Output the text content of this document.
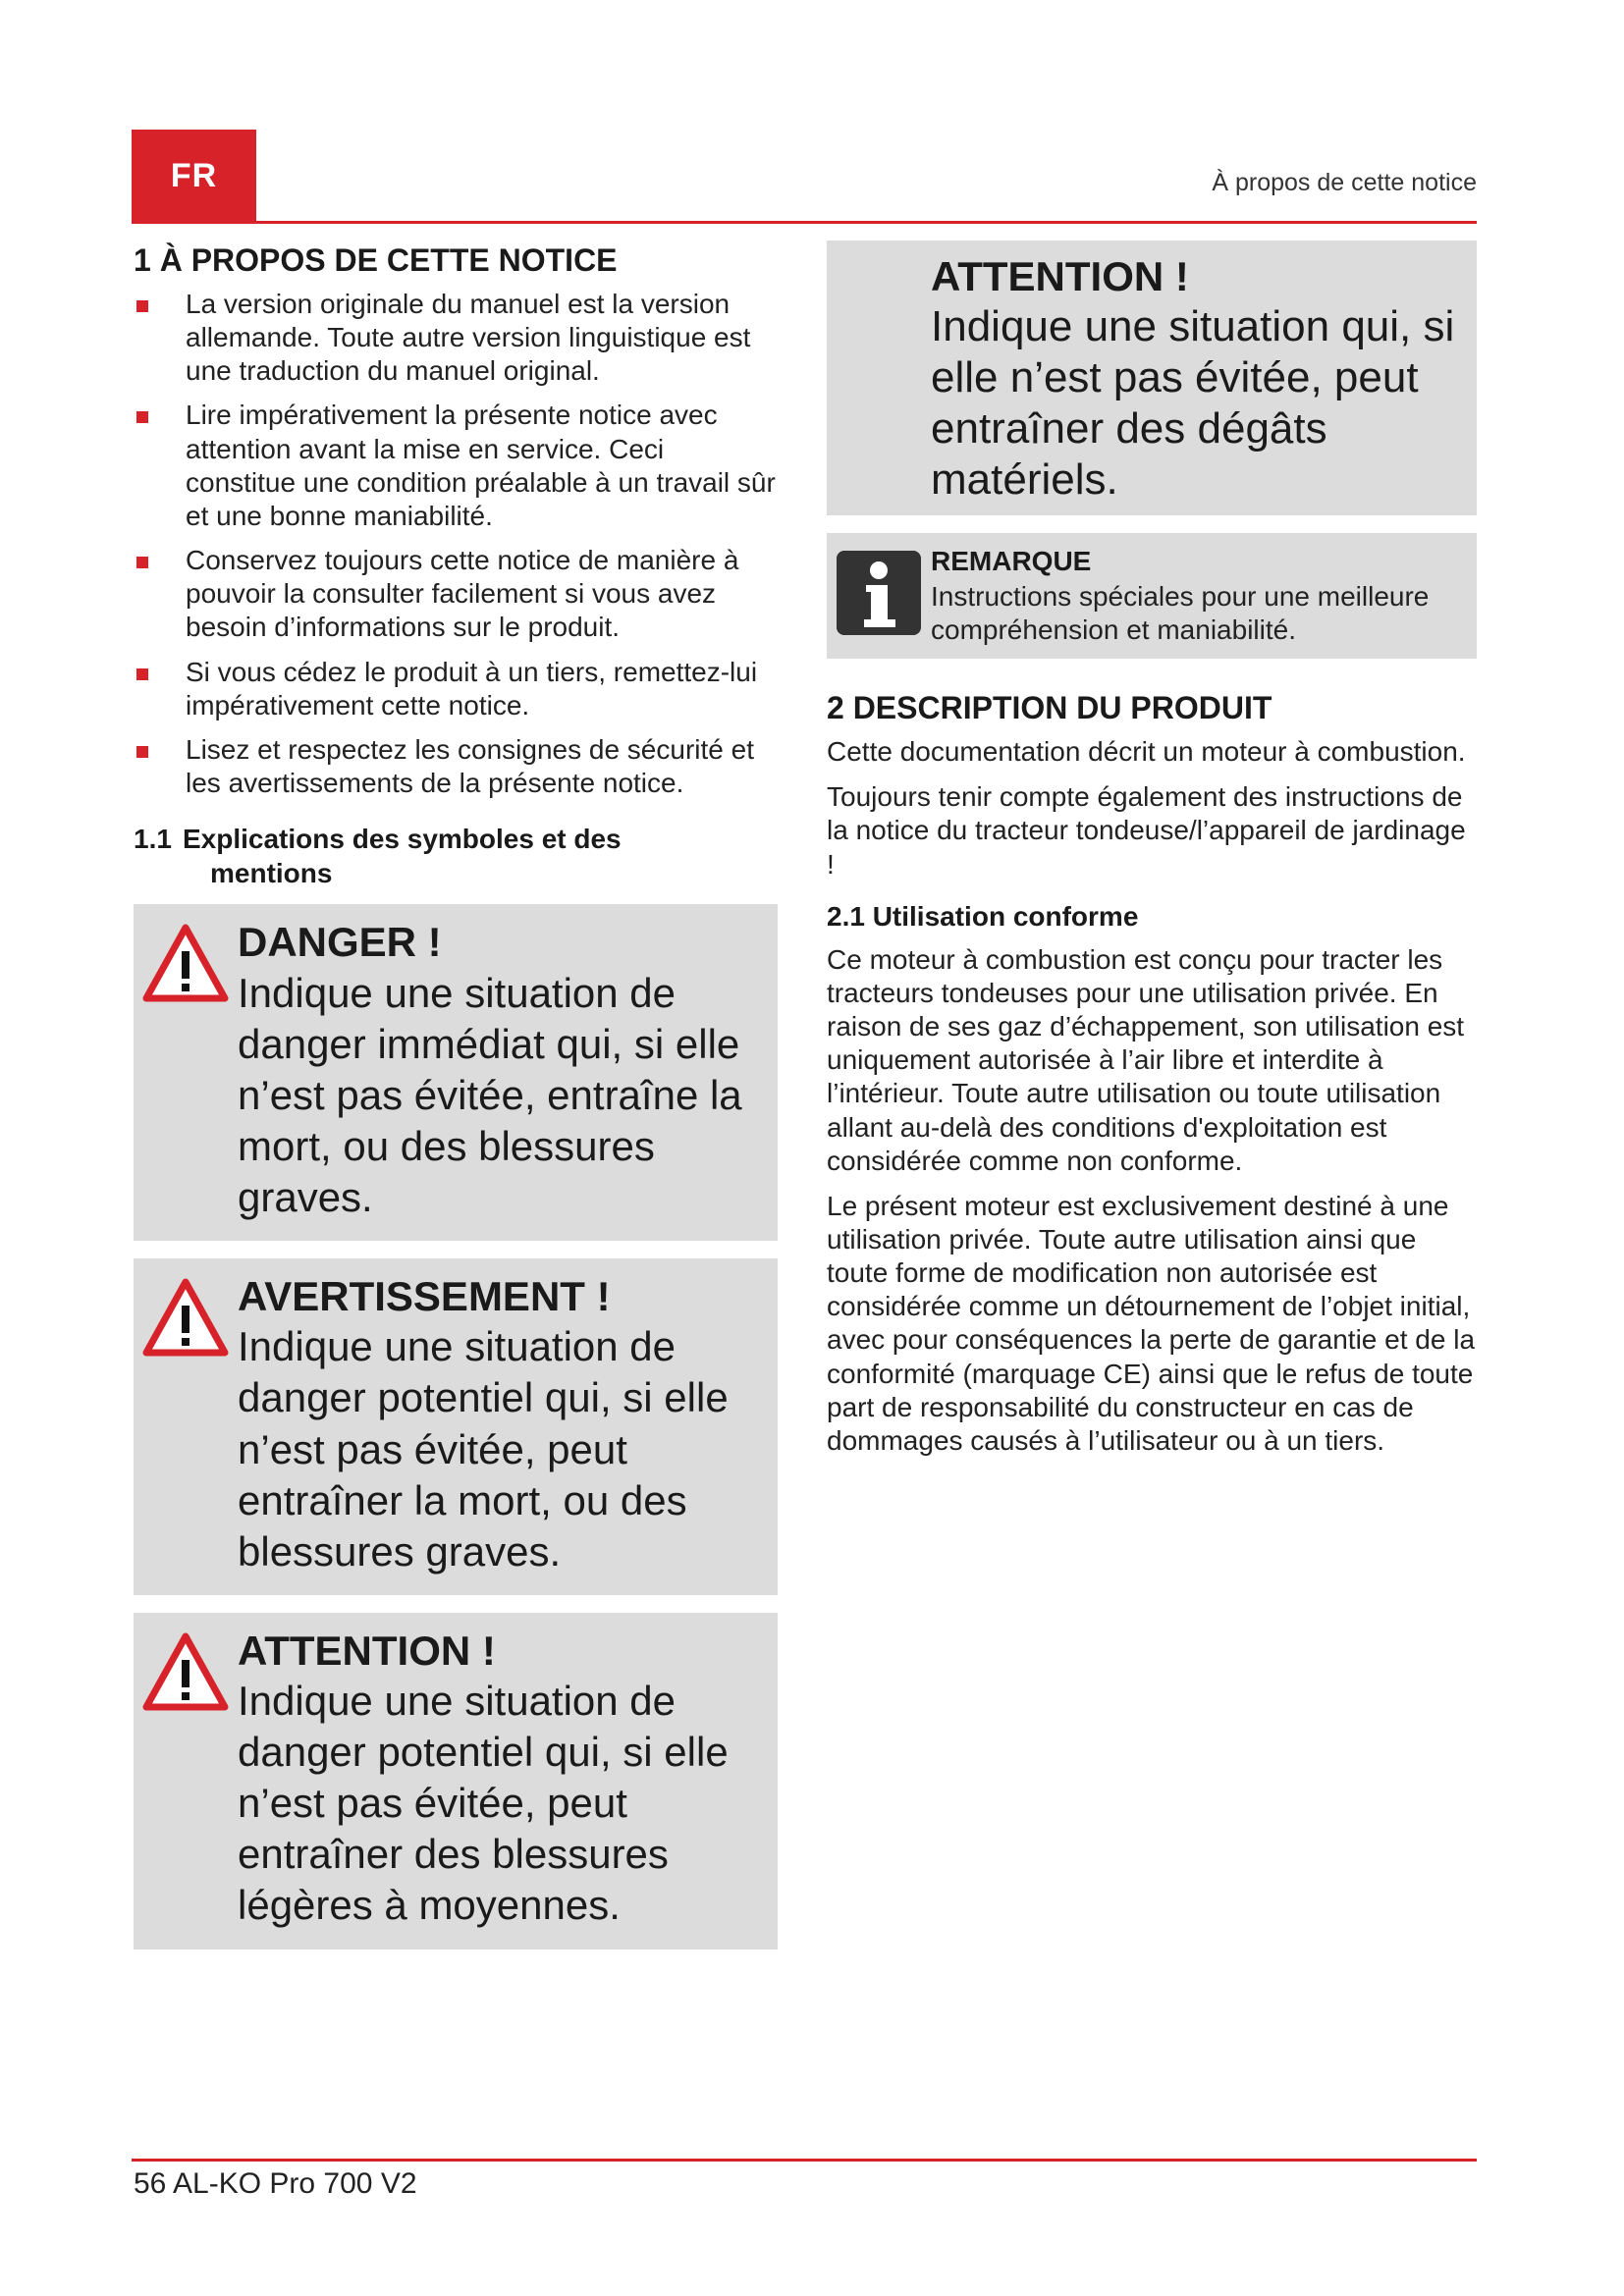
FR	À propos de cette notice
1 À PROPOS DE CETTE NOTICE
La version originale du manuel est la version allemande. Toute autre version linguistique est une traduction du manuel original.
Lire impérativement la présente notice avec attention avant la mise en service. Ceci constitue une condition préalable à un travail sûr et une bonne maniabilité.
Conservez toujours cette notice de manière à pouvoir la consulter facilement si vous avez besoin d’informations sur le produit.
Si vous cédez le produit à un tiers, remettez-lui impérativement cette notice.
Lisez et respectez les consignes de sécurité et les avertissements de la présente notice.
1.1 Explications des symboles et des
mentions

DANGER !

Indique une situation de danger immédiat qui, si elle n’est pas évitée, entraîne la mort, ou des blessures graves.

AVERTISSEMENT !

Indique une situation de danger potentiel qui, si elle n’est pas évitée, peut entraîner la mort, ou des blessures graves.

ATTENTION !

Indique une situation de danger potentiel qui, si elle n’est pas évitée, peut entraîner des blessures légères à moyennes.

ATTENTION !

Indique une situation qui, si elle n’est pas évitée, peut entraîner des dégâts matériels.

REMARQUE

Instructions spéciales pour une meilleure compréhension et maniabilité.

2 DESCRIPTION DU PRODUIT

Cette documentation décrit un moteur à combustion.

Toujours tenir compte également des instructions de la notice du tracteur tondeuse/l’appareil de jardinage !

2.1 Utilisation conforme

Ce moteur à combustion est conçu pour tracter les tracteurs tondeuses pour une utilisation privée. En raison de ses gaz d’échappement, son utilisation est uniquement autorisée à l’air libre et interdite à l’intérieur. Toute autre utilisation ou toute utilisation allant au-delà des conditions d'exploitation est considérée comme non conforme.

Le présent moteur est exclusivement destiné à une utilisation privée. Toute autre utilisation ainsi que toute forme de modification non autorisée est considérée comme un détournement de l’objet initial, avec pour conséquences la perte de garantie et de la conformité (marquage CE) ainsi que le refus de toute part de responsabilité du constructeur en cas de dommages causés à l’utilisateur ou à un tiers.

56 AL-KO Pro 700 V2
